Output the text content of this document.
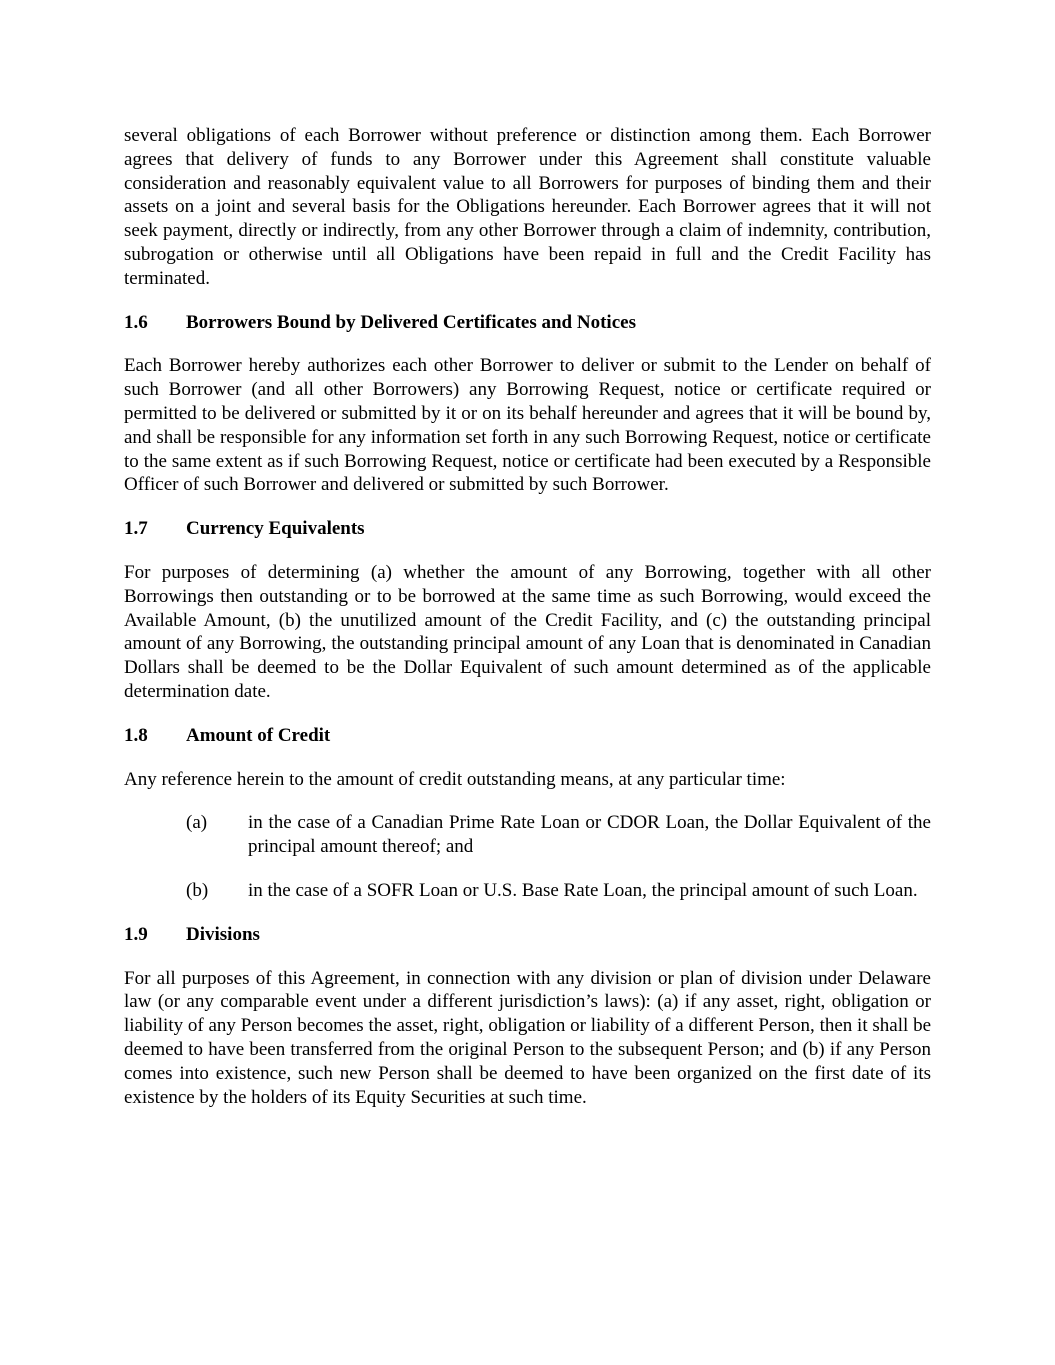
several obligations of each Borrower without preference or distinction among them. Each Borrower agrees that delivery of funds to any Borrower under this Agreement shall constitute valuable consideration and reasonably equivalent value to all Borrowers for purposes of binding them and their assets on a joint and several basis for the Obligations hereunder. Each Borrower agrees that it will not seek payment, directly or indirectly, from any other Borrower through a claim of indemnity, contribution, subrogation or otherwise until all Obligations have been repaid in full and the Credit Facility has terminated.

1.6	Borrowers Bound by Delivered Certificates and Notices

Each Borrower hereby authorizes each other Borrower to deliver or submit to the Lender on behalf of such Borrower (and all other Borrowers) any Borrowing Request, notice or certificate required or permitted to be delivered or submitted by it or on its behalf hereunder and agrees that it will be bound by, and shall be responsible for any information set forth in any such Borrowing Request, notice or certificate to the same extent as if such Borrowing Request, notice or certificate had been executed by a Responsible Officer of such Borrower and delivered or submitted by such Borrower.

1.7	Currency Equivalents

For purposes of determining (a) whether the amount of any Borrowing, together with all other Borrowings then outstanding or to be borrowed at the same time as such Borrowing, would exceed the Available Amount, (b) the unutilized amount of the Credit Facility, and (c) the outstanding principal amount of any Borrowing, the outstanding principal amount of any Loan that is denominated in Canadian Dollars shall be deemed to be the Dollar Equivalent of such amount determined as of the applicable determination date.

1.8	Amount of Credit

Any reference herein to the amount of credit outstanding means, at any particular time:

(a)	in the case of a Canadian Prime Rate Loan or CDOR Loan, the Dollar Equivalent of the principal amount thereof; and
(b)	in the case of a SOFR Loan or U.S. Base Rate Loan, the principal amount of such Loan.
1.9	Divisions

For all purposes of this Agreement, in connection with any division or plan of division under Delaware law (or any comparable event under a different jurisdiction’s laws): (a) if any asset, right, obligation or liability of any Person becomes the asset, right, obligation or liability of a different Person, then it shall be deemed to have been transferred from the original Person to the subsequent Person; and (b) if any Person comes into existence, such new Person shall be deemed to have been organized on the first date of its existence by the holders of its Equity Securities at such time.
